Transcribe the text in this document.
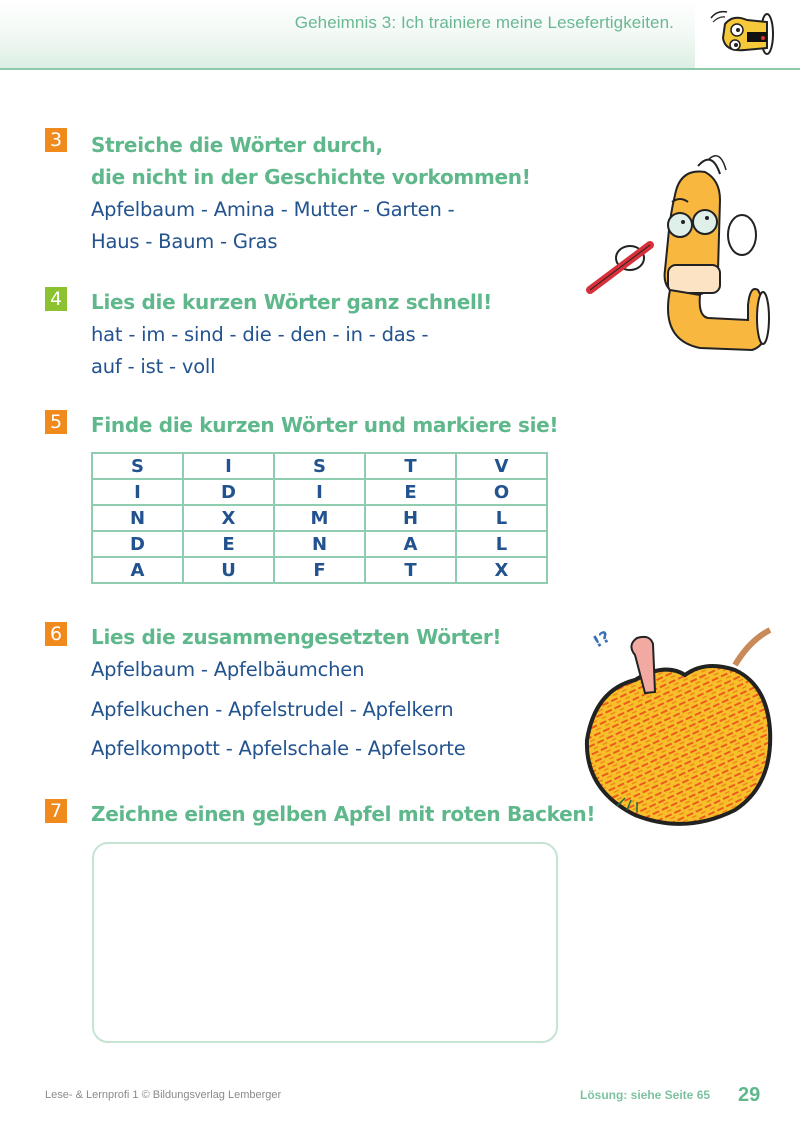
Geheimnis 3: Ich trainiere meine Lesefertigkeiten.
3 Streiche die Wörter durch,
die nicht in der Geschichte vorkommen!
Apfelbaum - Amina - Mutter - Garten -
Haus - Baum - Gras
4 Lies die kurzen Wörter ganz schnell!
hat - im - sind - die - den - in - das -
auf - ist - voll
5 Finde die kurzen Wörter und markiere sie!
S	I	S	T	V
I	D	I	E	O
N	X	M	H	L
D	E	N	A	L
A	U	F	T	X
6 Lies die zusammengesetzten Wörter!
Apfelbaum - Apfelbäumchen
Apfelkuchen - Apfelstrudel - Apfelkern
Apfelkompott - Apfelschale - Apfelsorte
7 Zeichne einen gelben Apfel mit roten Backen!
!?
Lese- & Lernprofi 1 © Bildungsverlag Lemberger	Lösung: siehe Seite 65 29
